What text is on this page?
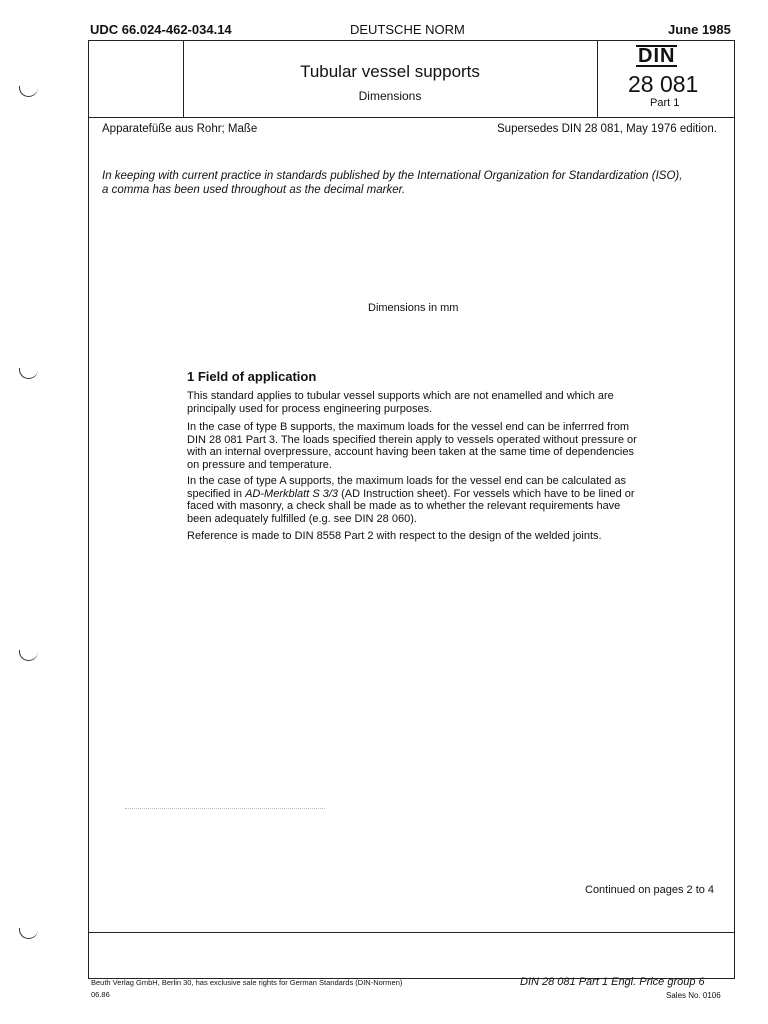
UDC 66.024-462-034.14	DEUTSCHE NORM	June 1985
Tubular vessel supports
Dimensions
DIN
28 081
Part 1
Apparatefüße aus Rohr; Maße	Supersedes DIN 28 081, May 1976 edition.
In keeping with current practice in standards published by the International Organization for Standardization (ISO),
a comma has been used throughout as the decimal marker.
Dimensions in mm
1 Field of application
This standard applies to tubular vessel supports which are not enamelled and which are principally used for process engineering purposes.
In the case of type B supports, the maximum loads for the vessel end can be inferrred from DIN 28 081 Part 3. The loads specified therein apply to vessels operated without pressure or with an internal overpressure, account having been taken at the same time of dependencies on pressure and temperature.
In the case of type A supports, the maximum loads for the vessel end can be calculated as specified in AD-Merkblatt S 3/3 (AD Instruction sheet). For vessels which have to be lined or faced with masonry, a check shall be made as to whether the relevant requirements have been adequately fulfilled (e.g. see DIN 28 060).
Reference is made to DIN 8558 Part 2 with respect to the design of the welded joints.
Continued on pages 2 to 4
Beuth Verlag GmbH, Berlin 30, has exclusive sale rights for German Standards (DIN-Normen)
06.86
DIN 28 081 Part 1 Engl. Price group 6
Sales No. 0106
